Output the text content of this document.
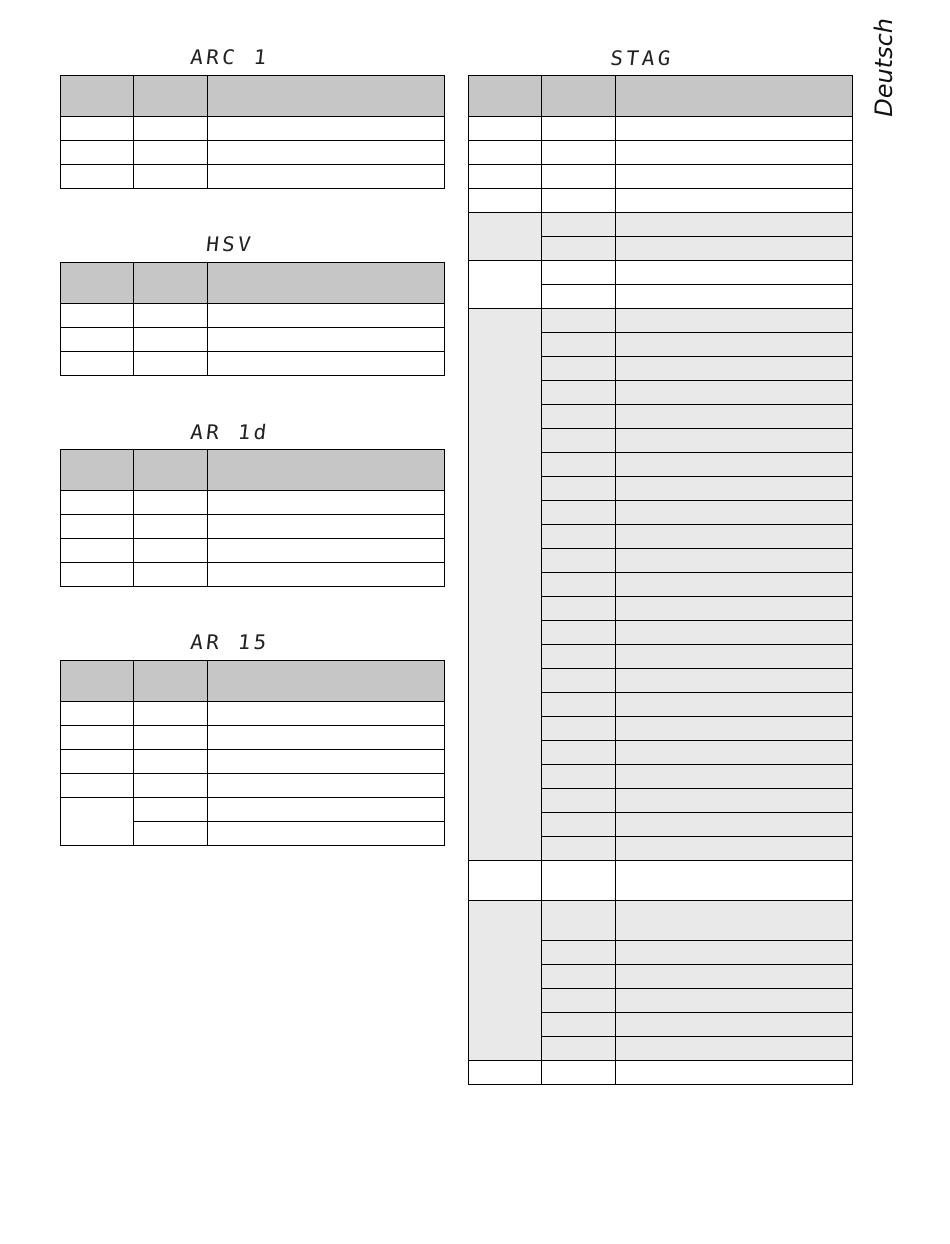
Deutsch
ARC 1

HSV

AR 1d

AR 15

STAG
